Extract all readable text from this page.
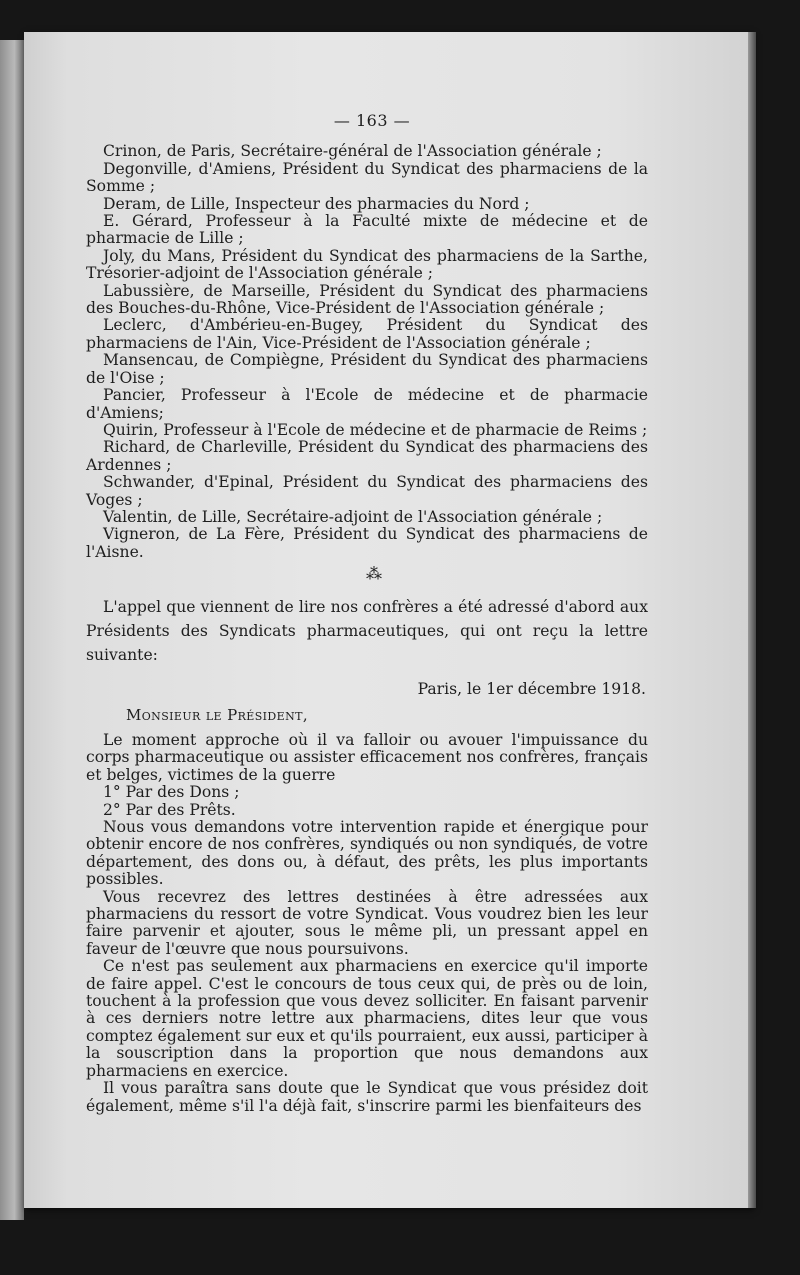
— 163 —

Crinon, de Paris, Secrétaire-général de l'Association générale ;

Degonville, d'Amiens, Président du Syndicat des pharmaciens de la Somme ;

Deram, de Lille, Inspecteur des pharmacies du Nord ;

E. Gérard, Professeur à la Faculté mixte de médecine et de pharmacie de Lille ;

Joly, du Mans, Président du Syndicat des pharmaciens de la Sarthe, Trésorier-adjoint de l'Association générale ;

Labussière, de Marseille, Président du Syndicat des pharmaciens des Bouches-du-Rhône, Vice-Président de l'Association générale ;

Leclerc, d'Ambérieu-en-Bugey, Président du Syndicat des pharmaciens de l'Ain, Vice-Président de l'Association générale ;

Mansencau, de Compiègne, Président du Syndicat des pharmaciens de l'Oise ;

Pancier, Professeur à l'Ecole de médecine et de pharmacie d'Amiens;

Quirin, Professeur à l'Ecole de médecine et de pharmacie de Reims ;

Richard, de Charleville, Président du Syndicat des pharmaciens des Ardennes ;

Schwander, d'Epinal, Président du Syndicat des pharmaciens des Voges ;

Valentin, de Lille, Secrétaire-adjoint de l'Association générale ;

Vigneron, de La Fère, Président du Syndicat des pharmaciens de l'Aisne.

⁂

L'appel que viennent de lire nos confrères a été adressé d'abord aux Présidents des Syndicats pharmaceutiques, qui ont reçu la lettre suivante:

Paris, le 1er décembre 1918.
Monsieur le Président,

Le moment approche où il va falloir ou avouer l'impuissance du corps pharmaceutique ou assister efficacement nos confrères, français et belges, victimes de la guerre

1° Par des Dons ;

2° Par des Prêts.

Nous vous demandons votre intervention rapide et énergique pour obtenir encore de nos confrères, syndiqués ou non syndiqués, de votre département, des dons ou, à défaut, des prêts, les plus importants possibles.

Vous recevrez des lettres destinées à être adressées aux pharmaciens du ressort de votre Syndicat. Vous voudrez bien les leur faire parvenir et ajouter, sous le même pli, un pressant appel en faveur de l'œuvre que nous poursuivons.

Ce n'est pas seulement aux pharmaciens en exercice qu'il importe de faire appel. C'est le concours de tous ceux qui, de près ou de loin, touchent à la profession que vous devez solliciter. En faisant parvenir à ces derniers notre lettre aux pharmaciens, dites leur que vous comptez également sur eux et qu'ils pourraient, eux aussi, participer à la souscription dans la proportion que nous demandons aux pharmaciens en exercice.

Il vous paraîtra sans doute que le Syndicat que vous présidez doit également, même s'il l'a déjà fait, s'inscrire parmi les bienfaiteurs des
